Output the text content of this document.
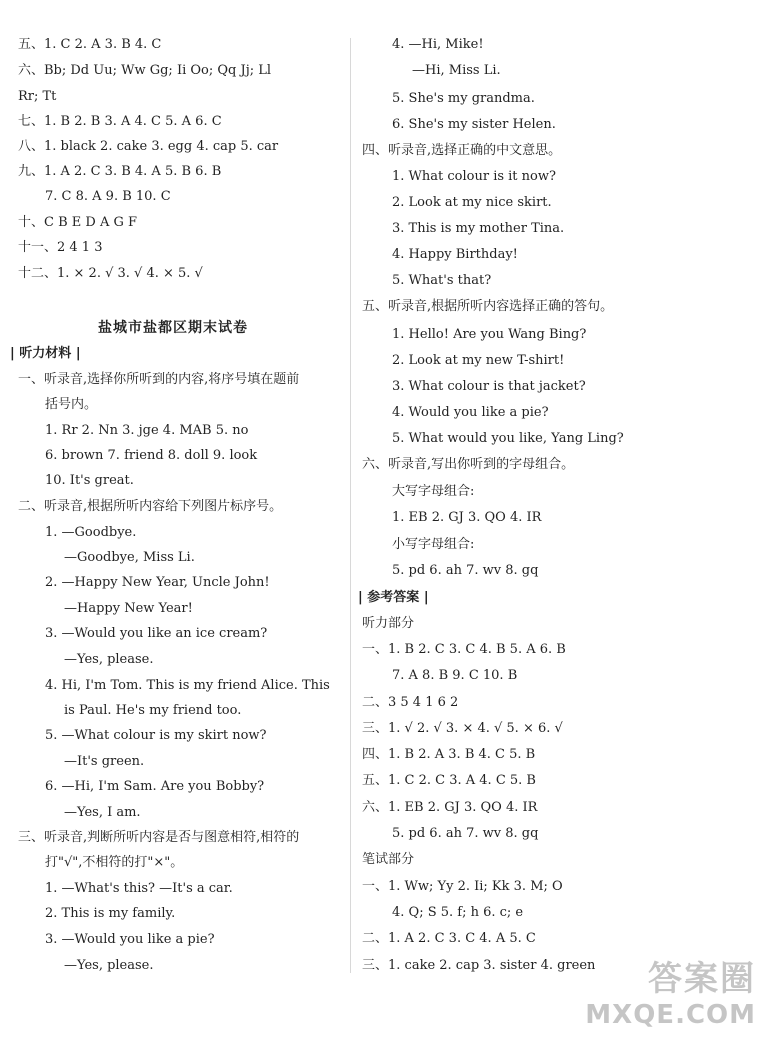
五、1. C 2. A 3. B 4. C
六、Bb; Dd Uu; Ww Gg; Ii Oo; Qq Jj; Ll
Rr; Tt
七、1. B 2. B 3. A 4. C 5. A 6. C
八、1. black 2. cake 3. egg 4. cap 5. car
九、1. A 2. C 3. B 4. A 5. B 6. B
7. C 8. A 9. B 10. C
十、C B E D A G F
十一、2 4 1 3
十二、1. × 2. √ 3. √ 4. × 5. √
盐城市盐都区期末试卷
| 听力材料 |
一、听录音,选择你所听到的内容,将序号填在题前
括号内。
1. Rr 2. Nn 3. jge 4. MAB 5. no
6. brown 7. friend 8. doll 9. look
10. It's great.
二、听录音,根据所听内容给下列图片标序号。
1. —Goodbye.
—Goodbye, Miss Li.
2. —Happy New Year, Uncle John!
—Happy New Year!
3. —Would you like an ice cream?
—Yes, please.
4. Hi, I'm Tom. This is my friend Alice. This
is Paul. He's my friend too.
5. —What colour is my skirt now?
—It's green.
6. —Hi, I'm Sam. Are you Bobby?
—Yes, I am.
三、听录音,判断所听内容是否与图意相符,相符的
打"√",不相符的打"×"。
1. —What's this? —It's a car.
2. This is my family.
3. —Would you like a pie?
—Yes, please.
4. —Hi, Mike!
—Hi, Miss Li.
5. She's my grandma.
6. She's my sister Helen.
四、听录音,选择正确的中文意思。
1. What colour is it now?
2. Look at my nice skirt.
3. This is my mother Tina.
4. Happy Birthday!
5. What's that?
五、听录音,根据所听内容选择正确的答句。
1. Hello! Are you Wang Bing?
2. Look at my new T-shirt!
3. What colour is that jacket?
4. Would you like a pie?
5. What would you like, Yang Ling?
六、听录音,写出你听到的字母组合。
大写字母组合:
1. EB 2. GJ 3. QO 4. IR
小写字母组合:
5. pd 6. ah 7. wv 8. gq
| 参考答案 |
听力部分
一、1. B 2. C 3. C 4. B 5. A 6. B
7. A 8. B 9. C 10. B
二、3 5 4 1 6 2
三、1. √ 2. √ 3. × 4. √ 5. × 6. √
四、1. B 2. A 3. B 4. C 5. B
五、1. C 2. C 3. A 4. C 5. B
六、1. EB 2. GJ 3. QO 4. IR
5. pd 6. ah 7. wv 8. gq
笔试部分
一、1. Ww; Yy 2. Ii; Kk 3. M; O
4. Q; S 5. f; h 6. c; e
二、1. A 2. C 3. C 4. A 5. C
三、1. cake 2. cap 3. sister 4. green	答案圈
MXQE.COM
